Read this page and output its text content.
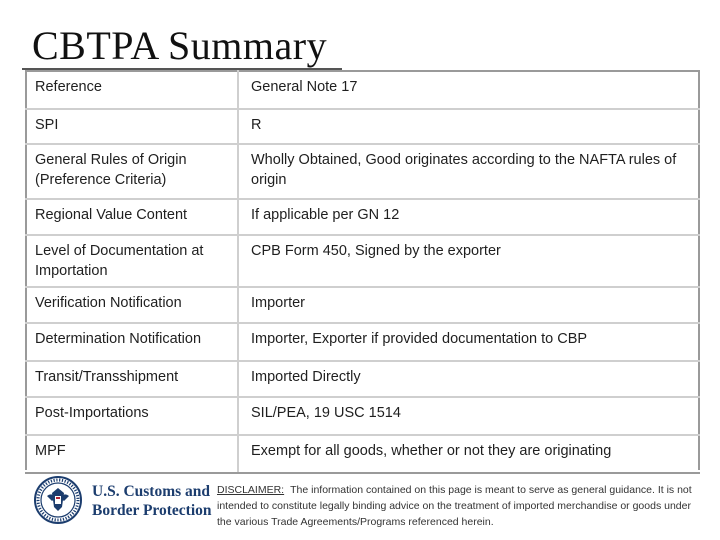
CBTPA Summary
Reference	General Note 17
SPI	R
General Rules of Origin (Preference Criteria)	Wholly Obtained, Good originates according to the NAFTA rules of origin
Regional Value Content	If applicable per GN 12
Level of Documentation at Importation	CPB Form 450, Signed by the exporter
Verification Notification	Importer
Determination Notification	Importer, Exporter if provided documentation to CBP
Transit/Transshipment	Imported Directly
Post-Importations	SIL/PEA, 19 USC 1514
MPF	Exempt for all goods, whether or not they are originating
U.S. Customs and
Border Protection
DISCLAIMER: The information contained on this page is meant to serve as general guidance. It is not intended to constitute legally binding advice on the treatment of imported merchandise or goods under the various Trade Agreements/Programs referenced herein.
